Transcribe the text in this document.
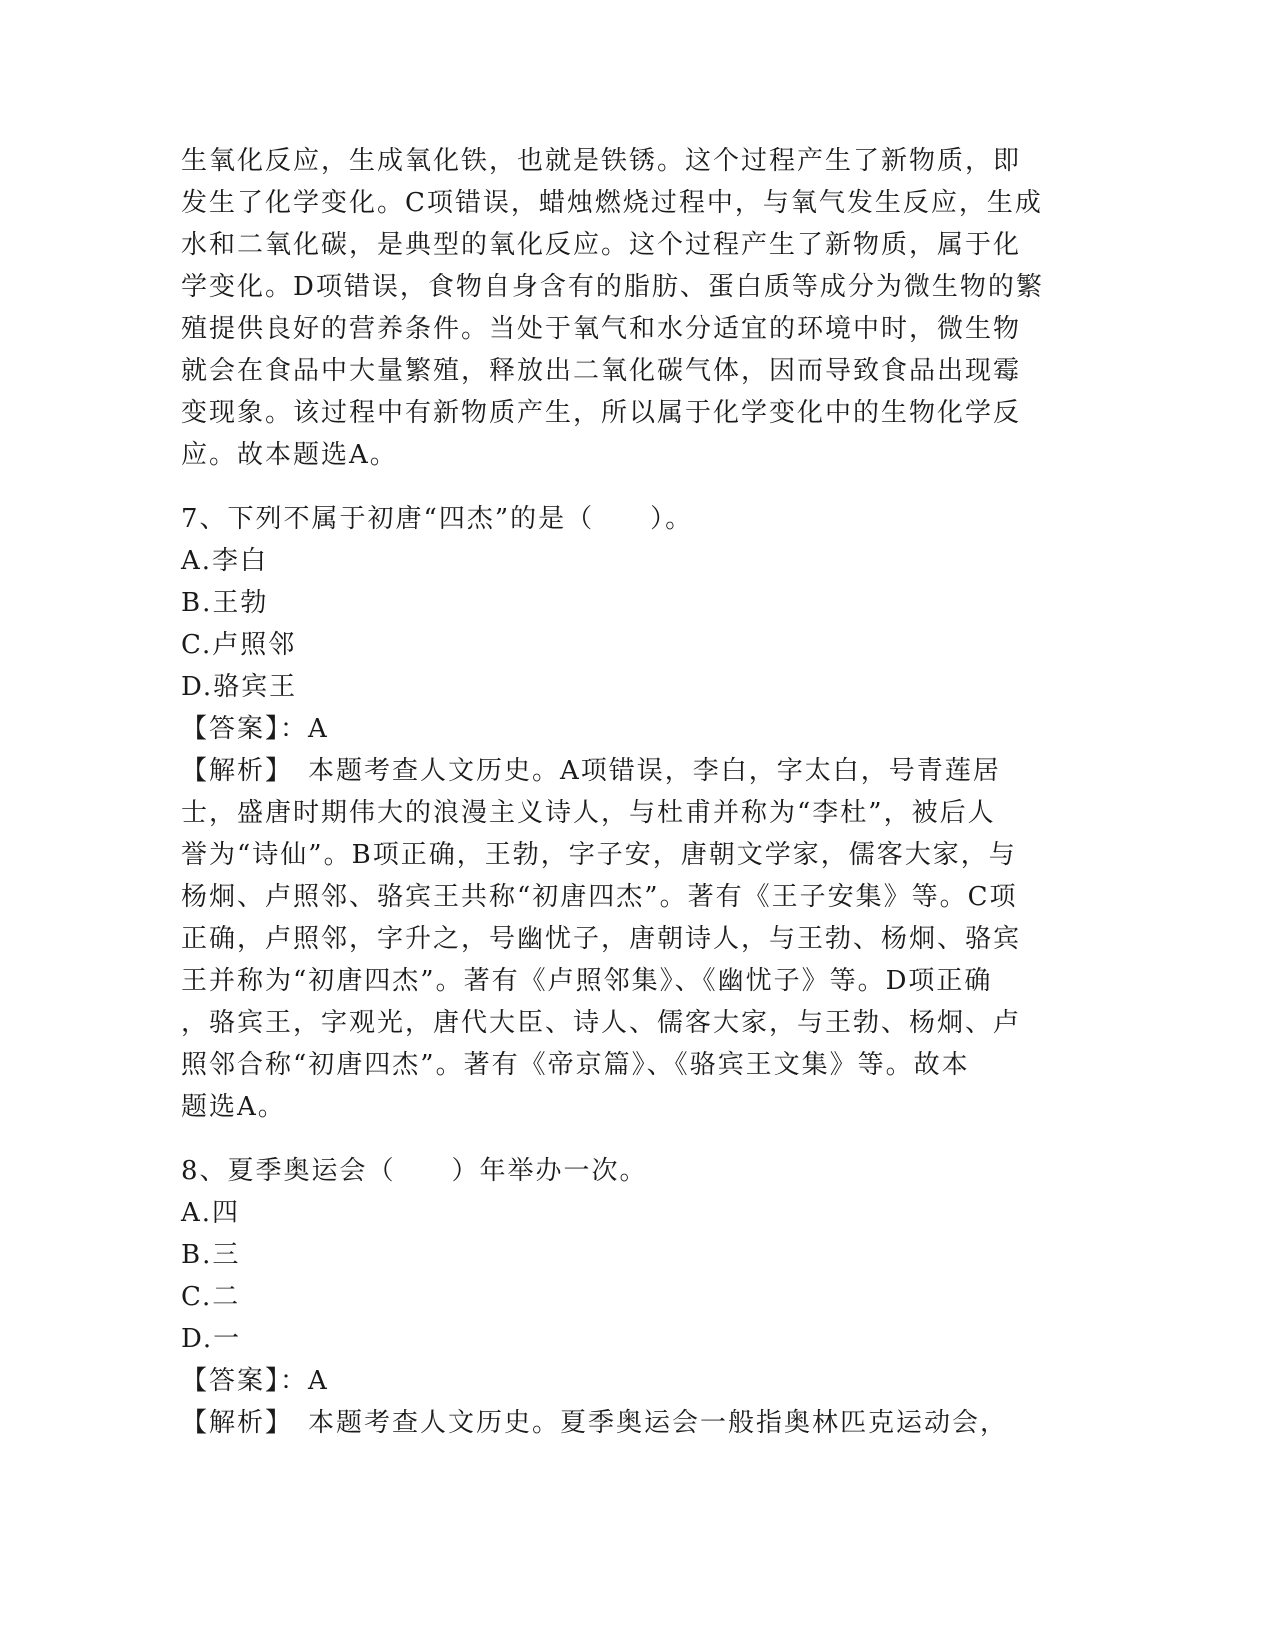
生氧化反应，生成氧化铁，也就是铁锈。这个过程产生了新物质，即
发生了化学变化。C项错误，蜡烛燃烧过程中，与氧气发生反应，生成
水和二氧化碳，是典型的氧化反应。这个过程产生了新物质，属于化
学变化。D项错误，食物自身含有的脂肪、蛋白质等成分为微生物的繁
殖提供良好的营养条件。当处于氧气和水分适宜的环境中时，微生物
就会在食品中大量繁殖，释放出二氧化碳气体，因而导致食品出现霉
变现象。该过程中有新物质产生，所以属于化学变化中的生物化学反
应。故本题选A。
7、下列不属于初唐“四杰”的是（　　）。
A.李白
B.王勃
C.卢照邻
D.骆宾王
【答案】：A
【解析】　本题考查人文历史。A项错误，李白，字太白，号青莲居
士，盛唐时期伟大的浪漫主义诗人，与杜甫并称为“李杜”，被后人
誉为“诗仙”。B项正确，王勃，字子安，唐朝文学家，儒客大家，与
杨炯、卢照邻、骆宾王共称“初唐四杰”。著有《王子安集》等。C项
正确，卢照邻，字升之，号幽忧子，唐朝诗人，与王勃、杨炯、骆宾
王并称为“初唐四杰”。著有《卢照邻集》、《幽忧子》等。D项正确
，骆宾王，字观光，唐代大臣、诗人、儒客大家，与王勃、杨炯、卢
照邻合称“初唐四杰”。著有《帝京篇》、《骆宾王文集》等。故本
题选A。
8、夏季奥运会（　　）年举办一次。
A.四
B.三
C.二
D.一
【答案】：A
【解析】　本题考查人文历史。夏季奥运会一般指奥林匹克运动会，
